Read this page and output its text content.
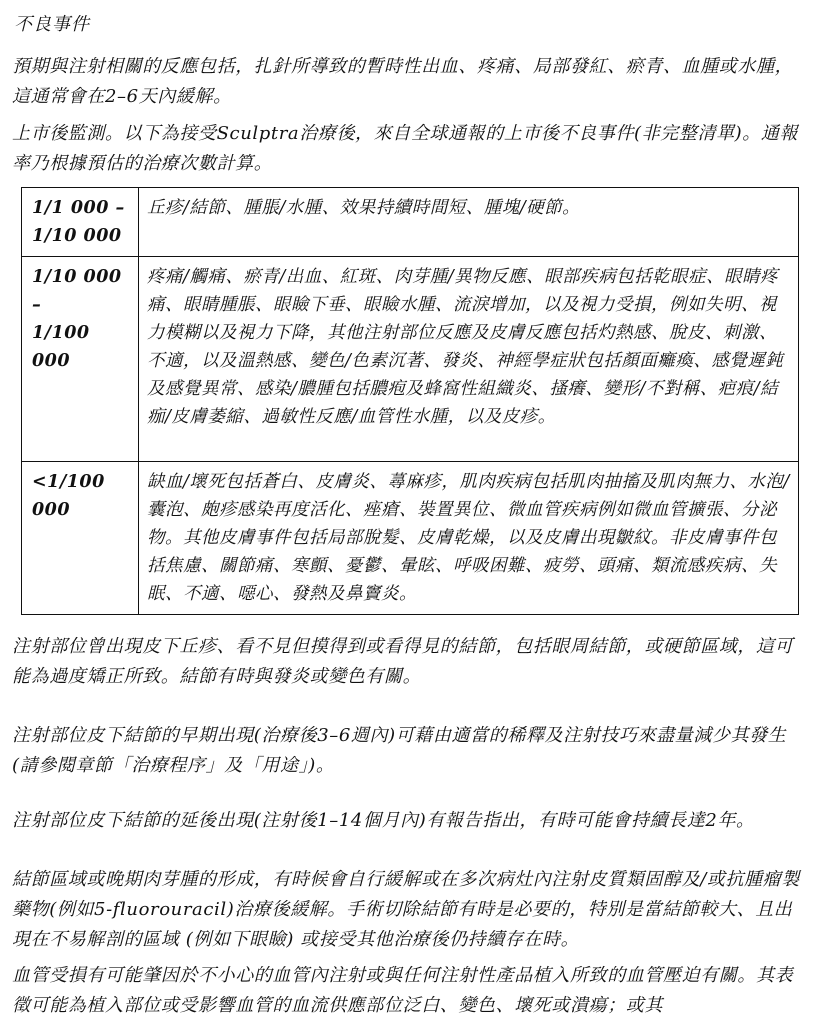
不良事件
預期與注射相關的反應包括，扎針所導致的暫時性出血、疼痛、局部發紅、瘀青、血腫或水腫，這通常會在2–6天內緩解。
上市後監測。以下為接受Sculptra治療後，來自全球通報的上市後不良事件(非完整清單)。通報率乃根據預估的治療次數計算。
1/1 000 –
1/10 000	丘疹/結節、腫脹/水腫、效果持續時間短、腫塊/硬節。
1/10 000 –
1/100 000	疼痛/觸痛、瘀青/出血、紅斑、肉芽腫/異物反應、眼部疾病包括乾眼症、眼睛疼痛、眼睛腫脹、眼瞼下垂、眼瞼水腫、流淚增加，以及視力受損，例如失明、視力模糊以及視力下降，其他注射部位反應及皮膚反應包括灼熱感、脫皮、刺激、不適，以及溫熱感、變色/色素沉著、發炎、神經學症狀包括顏面癱瘓、感覺遲鈍及感覺異常、感染/膿腫包括膿疱及蜂窩性組織炎、搔癢、變形/不對稱、疤痕/結痂/皮膚萎縮、過敏性反應/血管性水腫，以及皮疹。
<1/100 000	缺血/壞死包括蒼白、皮膚炎、蕁麻疹，肌肉疾病包括肌肉抽搐及肌肉無力、水泡/囊泡、皰疹感染再度活化、痤瘡、裝置異位、微血管疾病例如微血管擴張、分泌物。其他皮膚事件包括局部脫髮、皮膚乾燥，以及皮膚出現皺紋。非皮膚事件包括焦慮、關節痛、寒顫、憂鬱、暈眩、呼吸困難、疲勞、頭痛、類流感疾病、失眠、不適、噁心、發熱及鼻竇炎。
注射部位曾出現皮下丘疹、看不見但摸得到或看得見的結節，包括眼周結節，或硬節區域，這可能為過度矯正所致。結節有時與發炎或變色有關。
注射部位皮下結節的早期出現(治療後3–6週內)可藉由適當的稀釋及注射技巧來盡量減少其發生(請參閱章節「治療程序」及「用途」)。
注射部位皮下結節的延後出現(注射後1–14個月內)有報告指出，有時可能會持續長達2年。
結節區域或晚期肉芽腫的形成，有時候會自行緩解或在多次病灶內注射皮質類固醇及/或抗腫瘤製藥物(例如5-fluorouracil)治療後緩解。手術切除結節有時是必要的，特別是當結節較大、且出現在不易解剖的區域 (例如下眼瞼) 或接受其他治療後仍持續存在時。
血管受損有可能肇因於不小心的血管內注射或與任何注射性產品植入所致的血管壓迫有關。其表徵可能為植入部位或受影響血管的血流供應部位泛白、變色、壞死或潰瘍；或其
